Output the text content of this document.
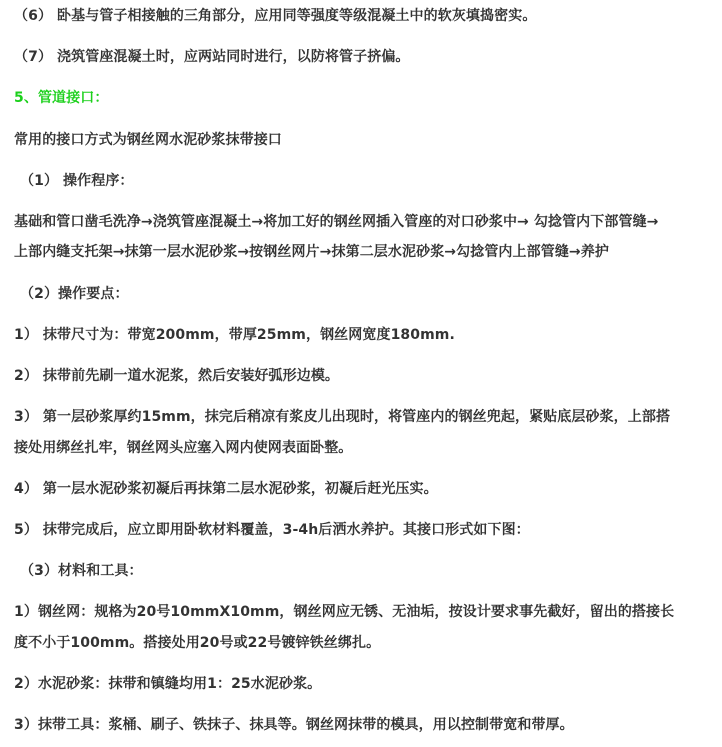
（6） 卧基与管子相接触的三角部分，应用同等强度等级混凝土中的软灰填捣密实。

（7） 浇筑管座混凝土时，应两站同时进行，以防将管子挤偏。

5、管道接口：

常用的接口方式为钢丝网水泥砂浆抹带接口

（1） 操作程序：

基础和管口凿毛洗净→浇筑管座混凝土→将加工好的钢丝网插入管座的对口砂浆中→ 勾捻管内下部管缝→

上部内缝支托架→抹第一层水泥砂浆→按钢丝网片→抹第二层水泥砂浆→勾捻管内上部管缝→养护

（2）操作要点：

1） 抹带尺寸为：带宽200mm，带厚25mm，钢丝网宽度180mm.

2） 抹带前先刷一道水泥浆，然后安装好弧形边模。

3） 第一层砂浆厚约15mm，抹完后稍凉有浆皮儿出现时，将管座内的钢丝兜起，紧贴底层砂浆，上部搭

接处用绑丝扎牢，钢丝网头应塞入网内使网表面卧整。

4） 第一层水泥砂浆初凝后再抹第二层水泥砂浆，初凝后赶光压实。

5） 抹带完成后，应立即用卧软材料覆盖，3-4h后洒水养护。其接口形式如下图：

（3）材料和工具：

1）钢丝网：规格为20号10mmX10mm，钢丝网应无锈、无油垢，按设计要求事先截好，留出的搭接长

度不小于100mm。搭接处用20号或22号镀锌铁丝绑扎。

2）水泥砂浆：抹带和镇缝均用1：25水泥砂浆。

3）抹带工具：浆桶、刷子、铁抹子、抹具等。钢丝网抹带的模具，用以控制带宽和带厚。
